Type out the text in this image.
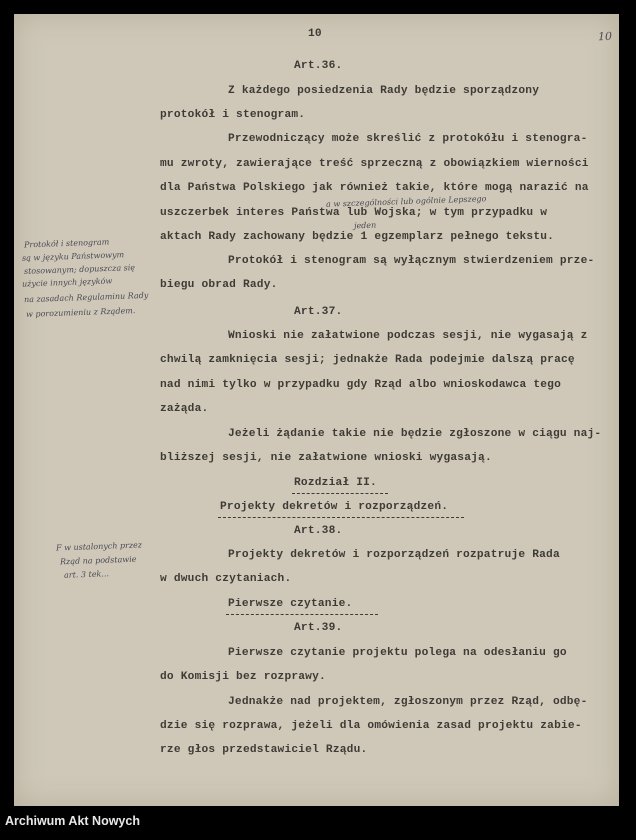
10	10
Art.36.
Z każdego posiedzenia Rady będzie sporządzony
protokół i stenogram.
Przewodniczący może skreślić z protokółu i stenogra-
mu zwroty, zawierające treść sprzeczną z obowiązkiem wierności
dla Państwa Polskiego jak również takie, które mogą narazić na
a w szczególności lub ogólnie Lepszego
uszczerbek interes Państwa lub Wojska; w tym przypadku w
jeden
aktach Rady zachowany będzie 1 egzemplarz pełnego tekstu.
Protokół i stenogram są wyłącznym stwierdzeniem prze-
biegu obrad Rady.
Protokół i stenogram
są w języku Państwowym
stosowanym; dopuszcza się
użycie innych języków
na zasadach Regulaminu Rady
w porozumieniu z Rządem.	Art.37.
Wnioski nie załatwione podczas sesji, nie wygasają z
chwilą zamknięcia sesji; jednakże Rada podejmie dalszą pracę
nad nimi tylko w przypadku gdy Rząd albo wnioskodawca tego
zażąda.
Jeżeli żądanie takie nie będzie zgłoszone w ciągu naj-
bliższej sesji, nie załatwione wnioski wygasają.
Rozdział II.
Projekty dekretów i rozporządzeń.
Art.38.
Projekty dekretów i rozporządzeń rozpatruje Rada
w dwuch czytaniach.
Pierwsze czytanie.
F w ustalonych przez
Rząd na podstawie
art. 3 tek...
Art.39.
Pierwsze czytanie projektu polega na odesłaniu go
do Komisji bez rozprawy.
Jednakże nad projektem, zgłoszonym przez Rząd, odbę-
dzie się rozprawa, jeżeli dla omówienia zasad projektu zabie-
rze głos przedstawiciel Rządu.
Archiwum Akt Nowych
